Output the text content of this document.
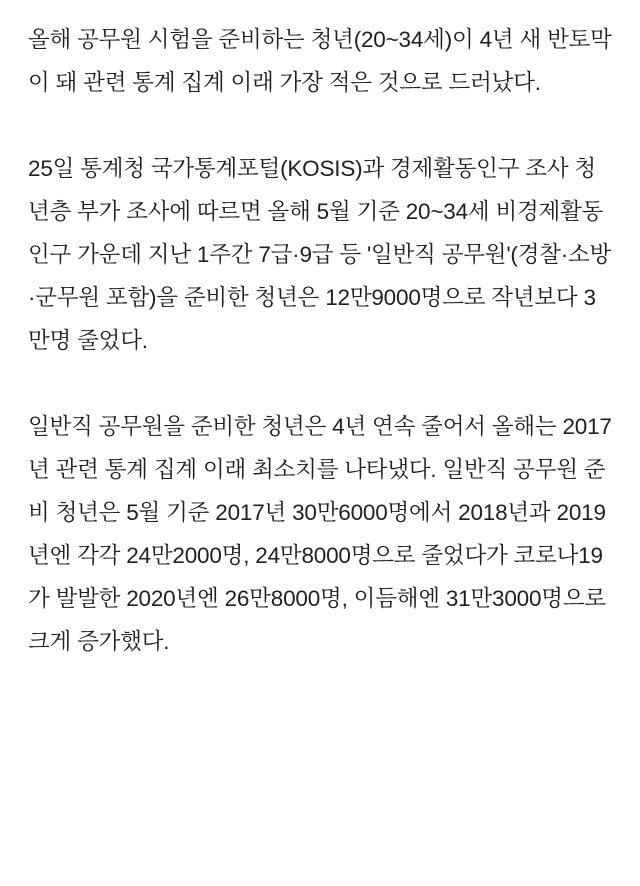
올해 공무원 시험을 준비하는 청년(20~34세)이 4년 새 반토막이 돼 관련 통계 집계 이래 가장 적은 것으로 드러났다.

25일 통계청 국가통계포털(KOSIS)과 경제활동인구 조사 청년층 부가 조사에 따르면 올해 5월 기준 20~34세 비경제활동인구 가운데 지난 1주간 7급·9급 등 '일반직 공무원'(경찰·소방·군무원 포함)을 준비한 청년은 12만9000명으로 작년보다 3만명 줄었다.

일반직 공무원을 준비한 청년은 4년 연속 줄어서 올해는 2017년 관련 통계 집계 이래 최소치를 나타냈다. 일반직 공무원 준비 청년은 5월 기준 2017년 30만6000명에서 2018년과 2019년엔 각각 24만2000명, 24만8000명으로 줄었다가 코로나19가 발발한 2020년엔 26만8000명, 이듬해엔 31만3000명으로 크게 증가했다.
